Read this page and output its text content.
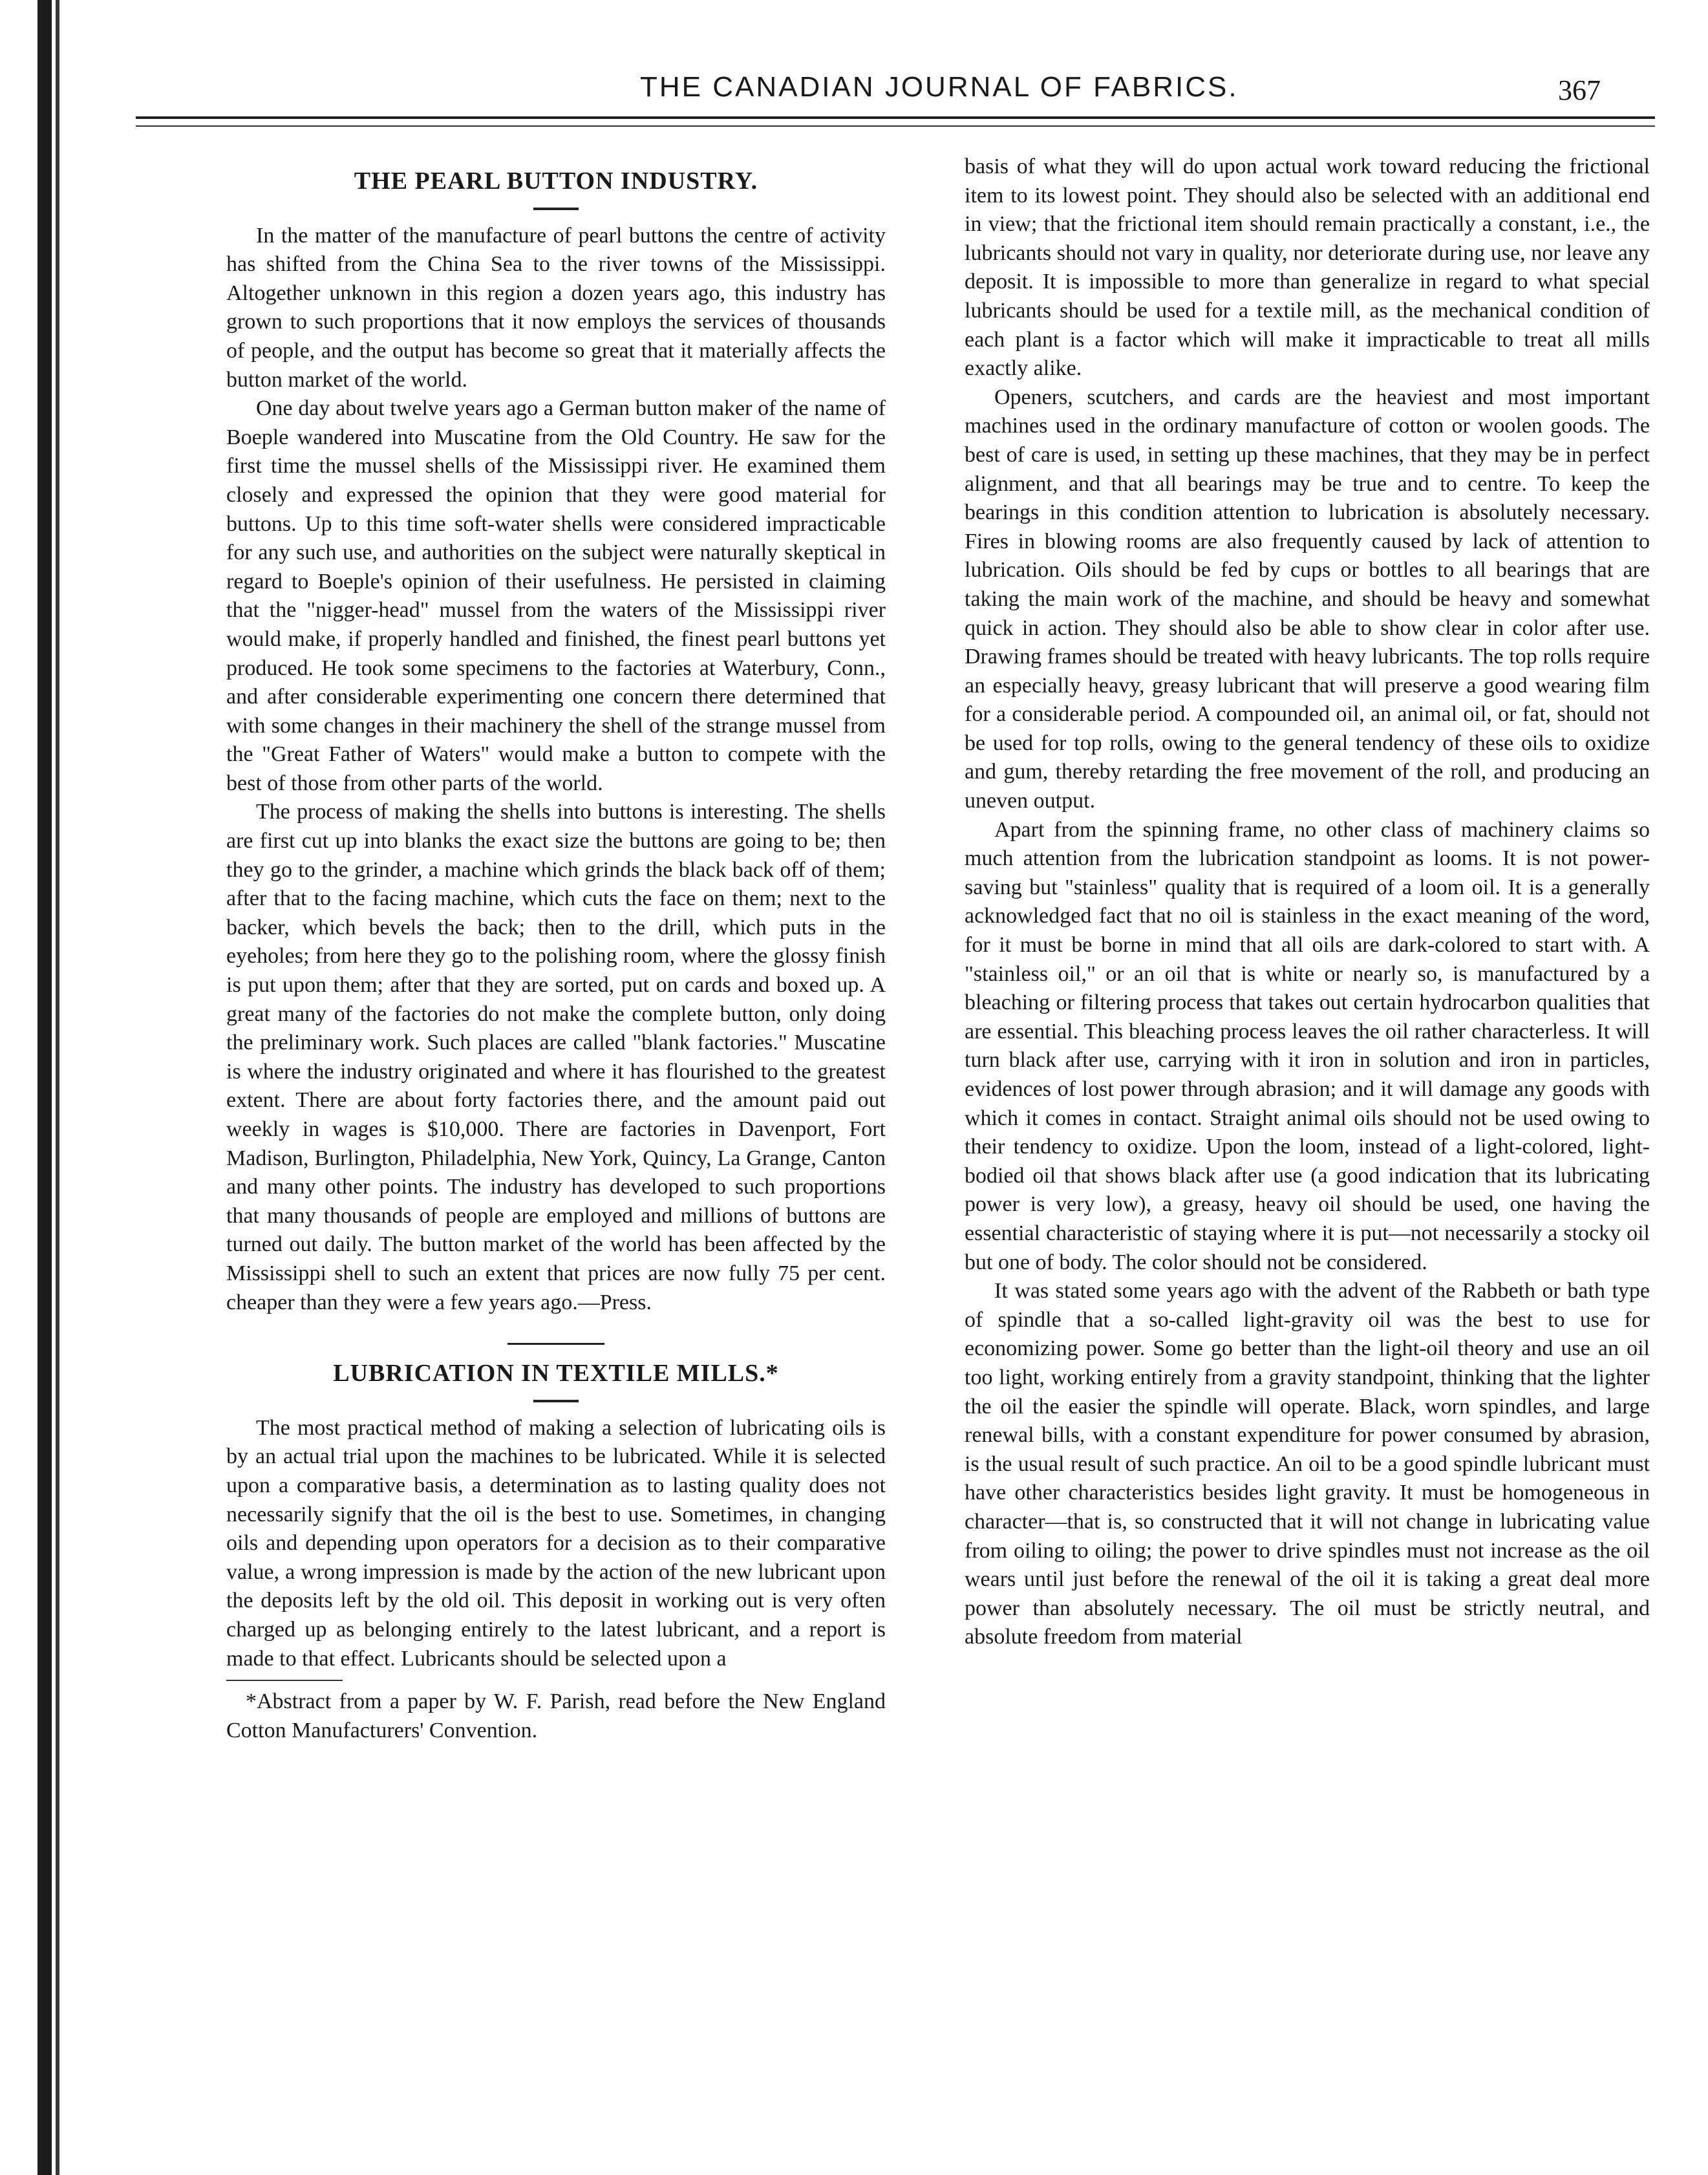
THE CANADIAN JOURNAL OF FABRICS.	367
THE PEARL BUTTON INDUSTRY.

In the matter of the manufacture of pearl buttons the centre of activity has shifted from the China Sea to the river towns of the Mississippi. Altogether unknown in this region a dozen years ago, this industry has grown to such proportions that it now employs the services of thousands of people, and the output has become so great that it materially affects the button market of the world.

One day about twelve years ago a German button maker of the name of Boeple wandered into Muscatine from the Old Country. He saw for the first time the mussel shells of the Mississippi river. He examined them closely and expressed the opinion that they were good material for buttons. Up to this time soft-water shells were considered impracticable for any such use, and authorities on the subject were naturally skeptical in regard to Boeple's opinion of their usefulness. He persisted in claiming that the "nigger-head" mussel from the waters of the Mississippi river would make, if properly handled and finished, the finest pearl buttons yet produced. He took some specimens to the factories at Waterbury, Conn., and after considerable experimenting one concern there determined that with some changes in their machinery the shell of the strange mussel from the "Great Father of Waters" would make a button to compete with the best of those from other parts of the world.

The process of making the shells into buttons is interesting. The shells are first cut up into blanks the exact size the buttons are going to be; then they go to the grinder, a machine which grinds the black back off of them; after that to the facing machine, which cuts the face on them; next to the backer, which bevels the back; then to the drill, which puts in the eyeholes; from here they go to the polishing room, where the glossy finish is put upon them; after that they are sorted, put on cards and boxed up. A great many of the factories do not make the complete button, only doing the preliminary work. Such places are called "blank factories." Muscatine is where the industry originated and where it has flourished to the greatest extent. There are about forty factories there, and the amount paid out weekly in wages is $10,000. There are factories in Davenport, Fort Madison, Burlington, Philadelphia, New York, Quincy, La Grange, Canton and many other points. The industry has developed to such proportions that many thousands of people are employed and millions of buttons are turned out daily. The button market of the world has been affected by the Mississippi shell to such an extent that prices are now fully 75 per cent. cheaper than they were a few years ago.—Press.

LUBRICATION IN TEXTILE MILLS.*

The most practical method of making a selection of lubricating oils is by an actual trial upon the machines to be lubricated. While it is selected upon a comparative basis, a determination as to lasting quality does not necessarily signify that the oil is the best to use. Sometimes, in changing oils and depending upon operators for a decision as to their comparative value, a wrong impression is made by the action of the new lubricant upon the deposits left by the old oil. This deposit in working out is very often charged up as belonging entirely to the latest lubricant, and a report is made to that effect. Lubricants should be selected upon a

*Abstract from a paper by W. F. Parish, read before the New England Cotton Manufacturers' Convention.

basis of what they will do upon actual work toward reducing the frictional item to its lowest point. They should also be selected with an additional end in view; that the frictional item should remain practically a constant, i.e., the lubricants should not vary in quality, nor deteriorate during use, nor leave any deposit. It is impossible to more than generalize in regard to what special lubricants should be used for a textile mill, as the mechanical condition of each plant is a factor which will make it impracticable to treat all mills exactly alike.

Openers, scutchers, and cards are the heaviest and most important machines used in the ordinary manufacture of cotton or woolen goods. The best of care is used, in setting up these machines, that they may be in perfect alignment, and that all bearings may be true and to centre. To keep the bearings in this condition attention to lubrication is absolutely necessary. Fires in blowing rooms are also frequently caused by lack of attention to lubrication. Oils should be fed by cups or bottles to all bearings that are taking the main work of the machine, and should be heavy and somewhat quick in action. They should also be able to show clear in color after use. Drawing frames should be treated with heavy lubricants. The top rolls require an especially heavy, greasy lubricant that will preserve a good wearing film for a considerable period. A compounded oil, an animal oil, or fat, should not be used for top rolls, owing to the general tendency of these oils to oxidize and gum, thereby retarding the free movement of the roll, and producing an uneven output.

Apart from the spinning frame, no other class of machinery claims so much attention from the lubrication standpoint as looms. It is not power-saving but "stainless" quality that is required of a loom oil. It is a generally acknowledged fact that no oil is stainless in the exact meaning of the word, for it must be borne in mind that all oils are dark-colored to start with. A "stainless oil," or an oil that is white or nearly so, is manufactured by a bleaching or filtering process that takes out certain hydrocarbon qualities that are essential. This bleaching process leaves the oil rather characterless. It will turn black after use, carrying with it iron in solution and iron in particles, evidences of lost power through abrasion; and it will damage any goods with which it comes in contact. Straight animal oils should not be used owing to their tendency to oxidize. Upon the loom, instead of a light-colored, light-bodied oil that shows black after use (a good indication that its lubricating power is very low), a greasy, heavy oil should be used, one having the essential characteristic of staying where it is put—not necessarily a stocky oil but one of body. The color should not be considered.

It was stated some years ago with the advent of the Rabbeth or bath type of spindle that a so-called light-gravity oil was the best to use for economizing power. Some go better than the light-oil theory and use an oil too light, working entirely from a gravity standpoint, thinking that the lighter the oil the easier the spindle will operate. Black, worn spindles, and large renewal bills, with a constant expenditure for power consumed by abrasion, is the usual result of such practice. An oil to be a good spindle lubricant must have other characteristics besides light gravity. It must be homogeneous in character—that is, so constructed that it will not change in lubricating value from oiling to oiling; the power to drive spindles must not increase as the oil wears until just before the renewal of the oil it is taking a great deal more power than absolutely necessary. The oil must be strictly neutral, and absolute freedom from material
